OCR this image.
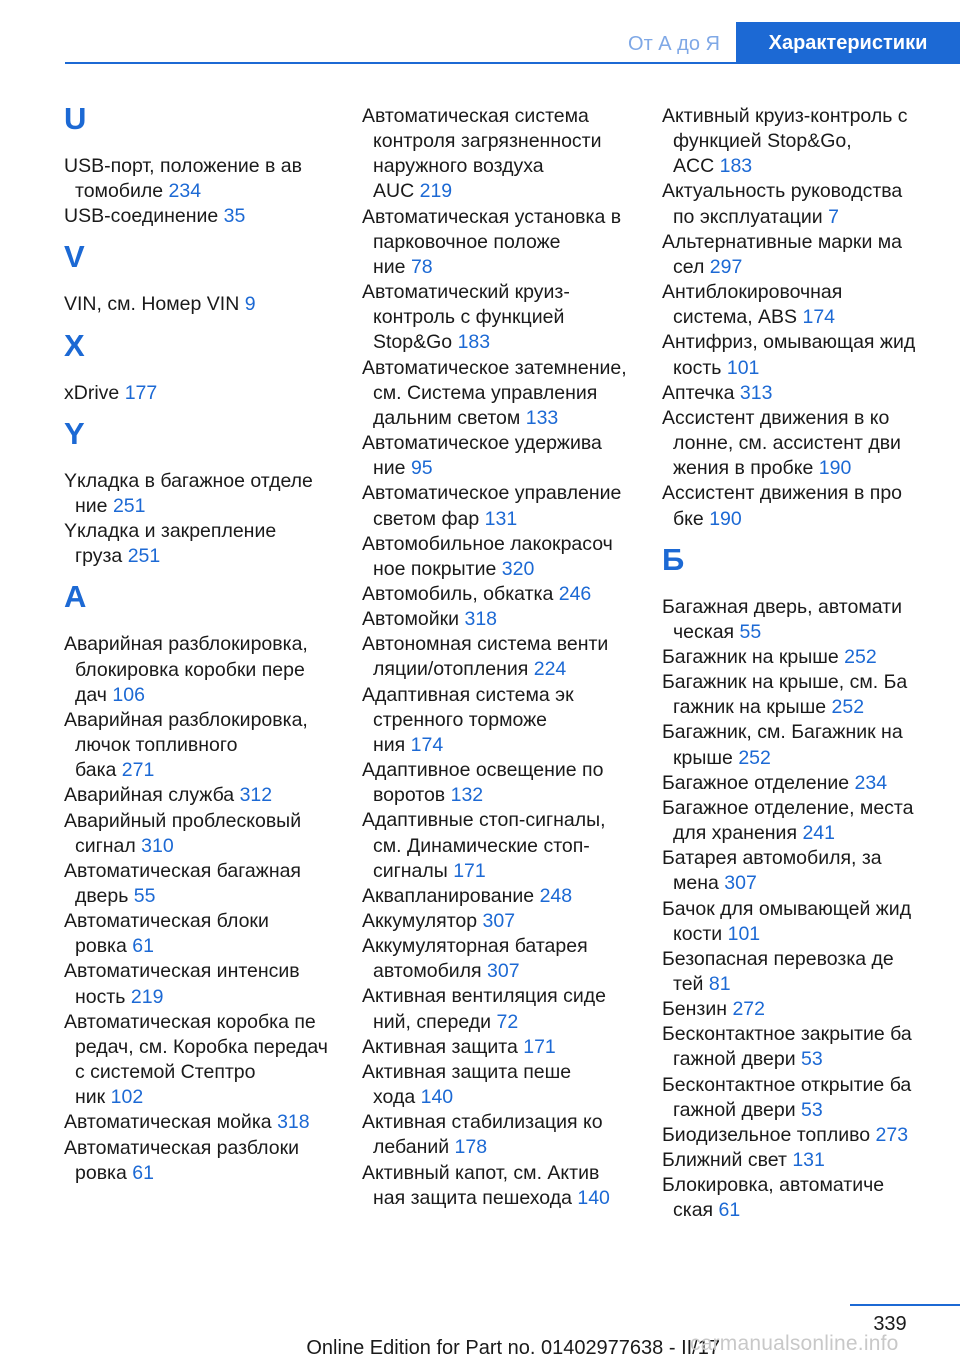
От А до Я	Характеристики
U
USB-порт, положение в ав
томобиле 234
USB-соединение 35
V
VIN, см. Номер VIN 9
X
xDrive 177
Y
Yкладка в багажное отделе
ние 251
Yкладка и закрепление
груза 251
А
Аварийная разблокировка,
блокировка коробки пере
дач 106
Аварийная разблокировка,
лючок топливного
бака 271
Аварийная служба 312
Аварийный проблесковый
сигнал 310
Автоматическая багажная
дверь 55
Автоматическая блоки
ровка 61
Автоматическая интенсив
ность 219
Автоматическая коробка пе
редач, см. Коробка передач
с системой Стептро
ник 102
Автоматическая мойка 318
Автоматическая разблоки
ровка 61
Автоматическая система
контроля загрязненности
наружного воздуха
AUC 219
Автоматическая установка в
парковочное положе
ние 78
Автоматический круиз-
контроль с функцией
Stop&Go 183
Автоматическое затемнение,
см. Система управления
дальним светом 133
Автоматическое удержива
ние 95
Автоматическое управление
светом фар 131
Автомобильное лакокрасоч
ное покрытие 320
Автомобиль, обкатка 246
Автомойки 318
Автономная система венти
ляции/отопления 224
Адаптивная система эк
стренного торможе
ния 174
Адаптивное освещение по
воротов 132
Адаптивные стоп-сигналы,
см. Динамические стоп-
сигналы 171
Аквапланирование 248
Аккумулятор 307
Аккумуляторная батарея
автомобиля 307
Активная вентиляция сиде
ний, спереди 72
Активная защита 171
Активная защита пеше
хода 140
Активная стабилизация ко
лебаний 178
Активный капот, см. Актив
ная защита пешехода 140
Активный круиз-контроль с
функцией Stop&Go,
ACC 183
Актуальность руководства
по эксплуатации 7
Альтернативные марки ма
сел 297
Антиблокировочная
система, ABS 174
Антифриз, омывающая жид
кость 101
Аптечка 313
Ассистент движения в ко
лонне, см. ассистент дви
жения в пробке 190
Ассистент движения в про
бке 190
Б
Багажная дверь, автомати
ческая 55
Багажник на крыше 252
Багажник на крыше, см. Ба
гажник на крыше 252
Багажник, см. Багажник на
крыше 252
Багажное отделение 234
Багажное отделение, места
для хранения 241
Батарея автомобиля, за
мена 307
Бачок для омывающей жид
кости 101
Безопасная перевозка де
тей 81
Бензин 272
Бесконтактное закрытие ба
гажной двери 53
Бесконтактное открытие ба
гажной двери 53
Биодизельное топливо 273
Ближний свет 131
Блокировка, автоматиче
ская 61
339
Online Edition for Part no. 01402977638 - II/17
carmanualsonline.info
